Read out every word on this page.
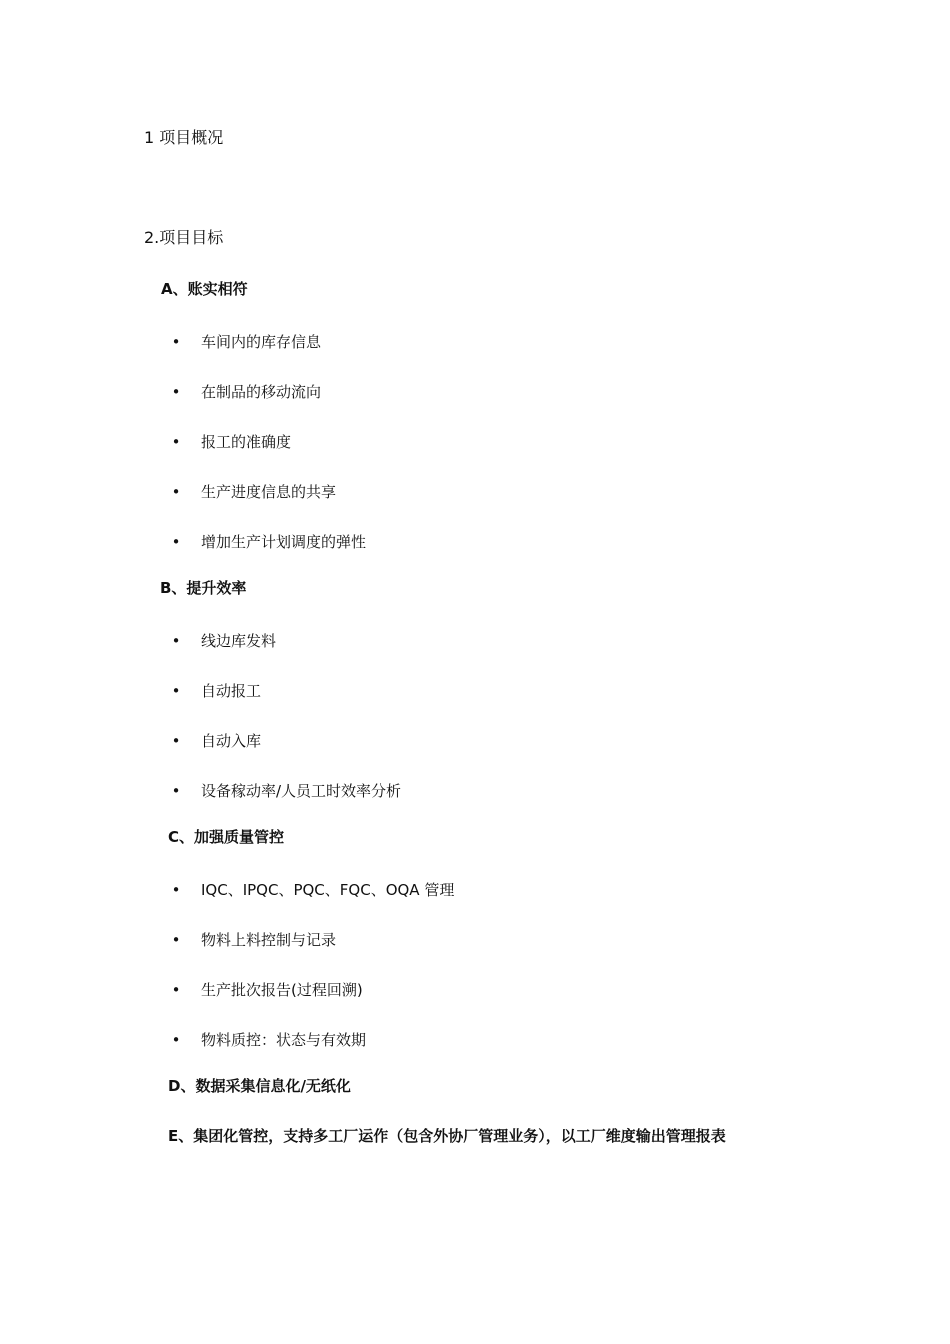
1 项目概况
2.项目目标
A、账实相符
•	车间内的库存信息
•	在制品的移动流向
•	报工的准确度
•	生产进度信息的共享
•	增加生产计划调度的弹性
B、提升效率
•	线边库发料
•	自动报工
•	自动入库
•	设备稼动率/人员工时效率分析
C、加强质量管控
•	IQC、IPQC、PQC、FQC、OQA 管理
•	物料上料控制与记录
•	生产批次报告(过程回溯)
•	物料质控：状态与有效期
D、数据采集信息化/无纸化
E、集团化管控，支持多工厂运作（包含外协厂管理业务），以工厂维度输出管理报表
